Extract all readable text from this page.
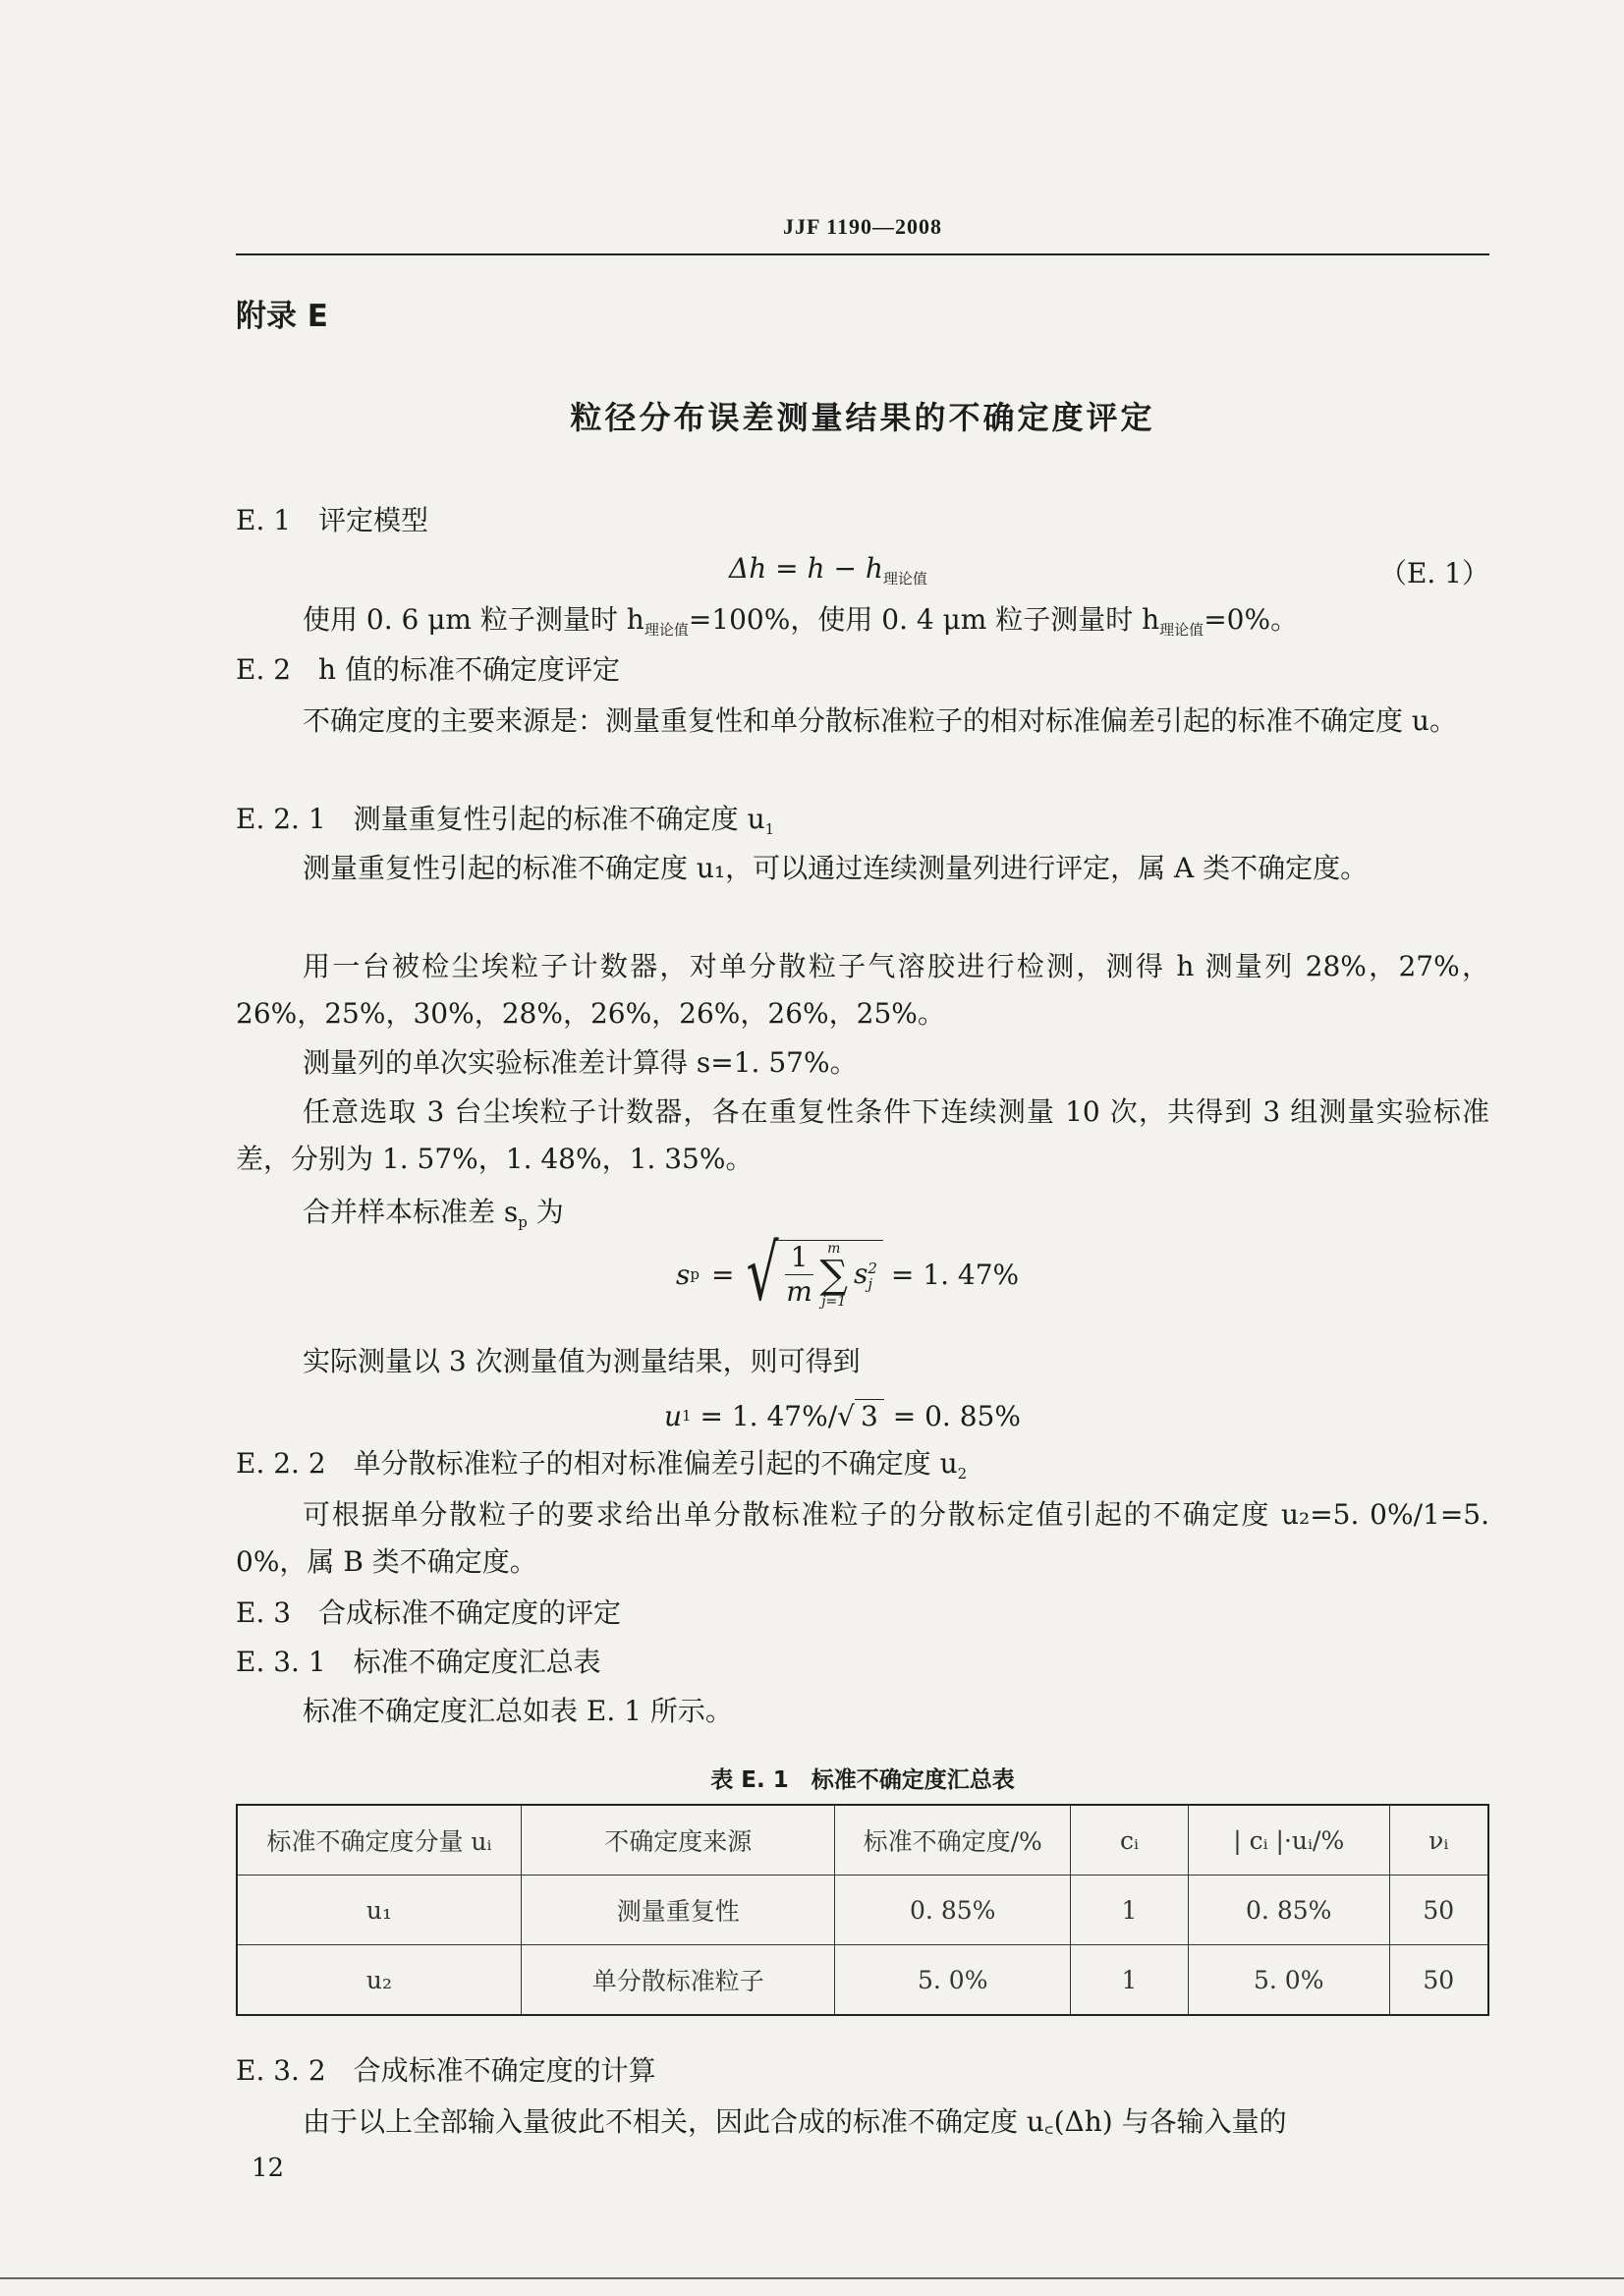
JJF 1190—2008
附录 E
粒径分布误差测量结果的不确定度评定
E. 1　评定模型
$\Delta h = h - h_{理论值}$	（E. 1）
使用 0. 6 μm 粒子测量时 $h_{理论值}=100\%$，使用 0. 4 μm 粒子测量时 $h_{理论值}=0\%$。
E. 2　h 值的标准不确定度评定
不确定度的主要来源是：测量重复性和单分散标准粒子的相对标准偏差引起的标准不确定度 u。
E. 2. 1　测量重复性引起的标准不确定度 $u_1$
测量重复性引起的标准不确定度 u₁，可以通过连续测量列进行评定，属 A 类不确定度。
用一台被检尘埃粒子计数器，对单分散粒子气溶胶进行检测，测得 h 测量列 28%，27%，26%，25%，30%，28%，26%，26%，26%，25%。
测量列的单次实验标准差计算得 s=1. 57%。
任意选取 3 台尘埃粒子计数器，各在重复性条件下连续测量 10 次，共得到 3 组测量实验标准差，分别为 1. 57%，1. 48%，1. 35%。
合并样本标准差 $s_p$ 为
s p = √ $\frac{1}{m}$ m
∑
j=1
s 2
j = 1. 47%
实际测量以 3 次测量值为测量结果，则可得到
u 1 = 1. 47%/ √ 3 = 0. 85%
E. 2. 2　单分散标准粒子的相对标准偏差引起的不确定度 $u_2$
可根据单分散粒子的要求给出单分散标准粒子的分散标定值引起的不确定度 u₂=5. 0%/1=5. 0%，属 B 类不确定度。
E. 3　合成标准不确定度的评定
E. 3. 1　标准不确定度汇总表
标准不确定度汇总如表 E. 1 所示。
表 E. 1　标准不确定度汇总表
标准不确定度分量 uᵢ	不确定度来源	标准不确定度/%	cᵢ	| cᵢ |·uᵢ/%	νᵢ
u₁	测量重复性	0. 85%	1	0. 85%	50
u₂	单分散标准粒子	5. 0%	1	5. 0%	50
E. 3. 2　合成标准不确定度的计算
由于以上全部输入量彼此不相关，因此合成的标准不确定度 u꜀(Δh) 与各输入量的
12
